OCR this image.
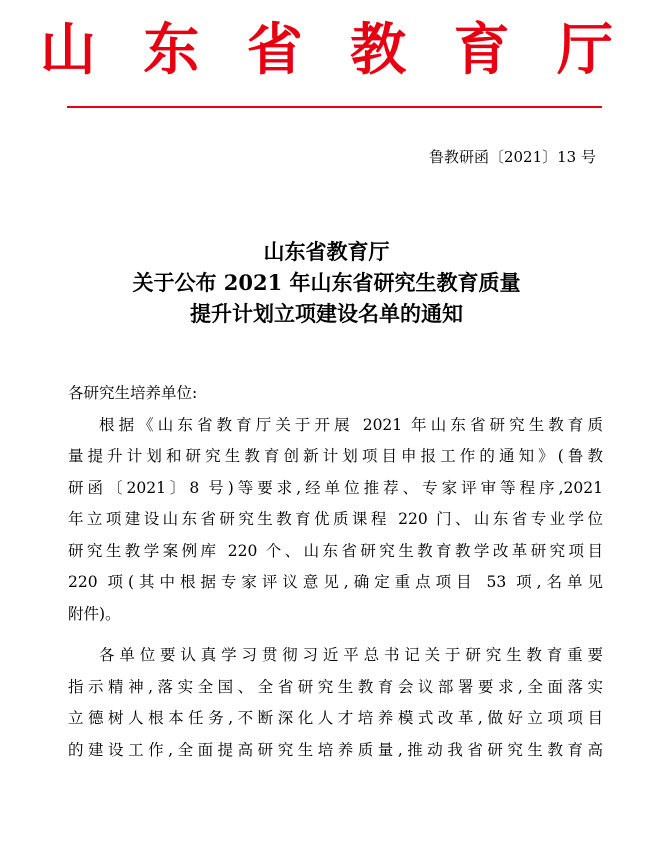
山 东 省 教 育 厅
鲁教研函〔2021〕13 号
山东省教育厅
关于公布 2021 年山东省研究生教育质量
提升计划立项建设名单的通知
各研究生培养单位:
根据《山东省教育厅关于开展 2021 年山东省研究生教育质
量提升计划和研究生教育创新计划项目申报工作的通知》(鲁教
研函〔2021〕8 号)等要求,经单位推荐、专家评审等程序,2021
年立项建设山东省研究生教育优质课程 220 门、山东省专业学位
研究生教学案例库 220 个、山东省研究生教育教学改革研究项目
220 项(其中根据专家评议意见,确定重点项目 53 项,名单见
附件)。
各单位要认真学习贯彻习近平总书记关于研究生教育重要
指示精神,落实全国、全省研究生教育会议部署要求,全面落实
立德树人根本任务,不断深化人才培养模式改革,做好立项项目
的建设工作,全面提高研究生培养质量,推动我省研究生教育高
